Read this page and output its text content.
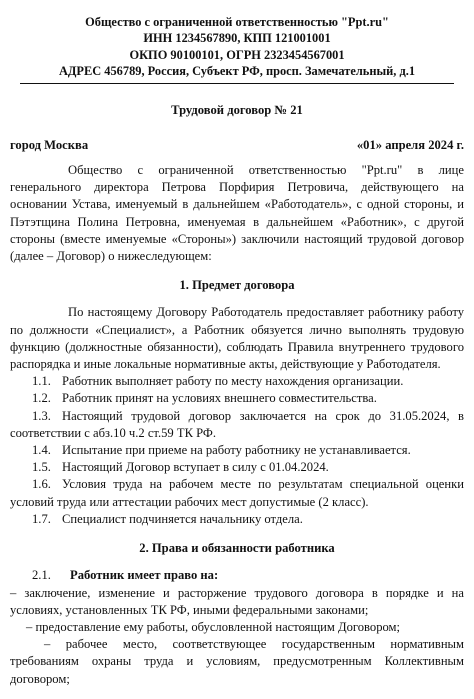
Общество с ограниченной ответственностью "Ppt.ru"
ИНН 1234567890, КПП 121001001
ОКПО 90100101, ОГРН 2323454567001
АДРЕС 456789, Россия, Субъект РФ, просп. Замечательный, д.1
Трудовой договор № 21
город Москва	«01» апреля 2024 г.

Общество с ограниченной ответственностью "Ppt.ru" в лице генерального директора Петрова Порфирия Петровича, действующего на основании Устава, именуемый в дальнейшем «Работодатель», с одной стороны, и Пэтэтщина Полина Петровна, именуемая в дальнейшем «Работник», с другой стороны (вместе именуемые «Стороны») заключили настоящий трудовой договор (далее – Договор) о нижеследующем:

1. Предмет договора

По настоящему Договору Работодатель предоставляет работнику работу по должности «Специалист», а Работник обязуется лично выполнять трудовую функцию (должностные обязанности), соблюдать Правила внутреннего трудового распорядка и иные локальные нормативные акты, действующие у Работодателя.

1.1. Работник выполняет работу по месту нахождения организации.
1.2. Работник принят на условиях внешнего совместительства.
1.3. Настоящий трудовой договор заключается на срок до 31.05.2024, в соответствии с абз.10 ч.2 ст.59 ТК РФ.
1.4. Испытание при приеме на работу работнику не устанавливается.
1.5. Настоящий Договор вступает в силу с 01.04.2024.
1.6. Условия труда на рабочем месте по результатам специальной оценки условий труда или аттестации рабочих мест допустимые (2 класс).
1.7. Специалист подчиняется начальнику отдела.
2. Права и обязанности работника
2.1. Работник имеет право на:

– заключение, изменение и расторжение трудового договора в порядке и на условиях, установленных ТК РФ, иными федеральными законами;

– предоставление ему работы, обусловленной настоящим Договором;

– рабочее место, соответствующее государственным нормативным требованиям охраны труда и условиям, предусмотренным Коллективным договором;
